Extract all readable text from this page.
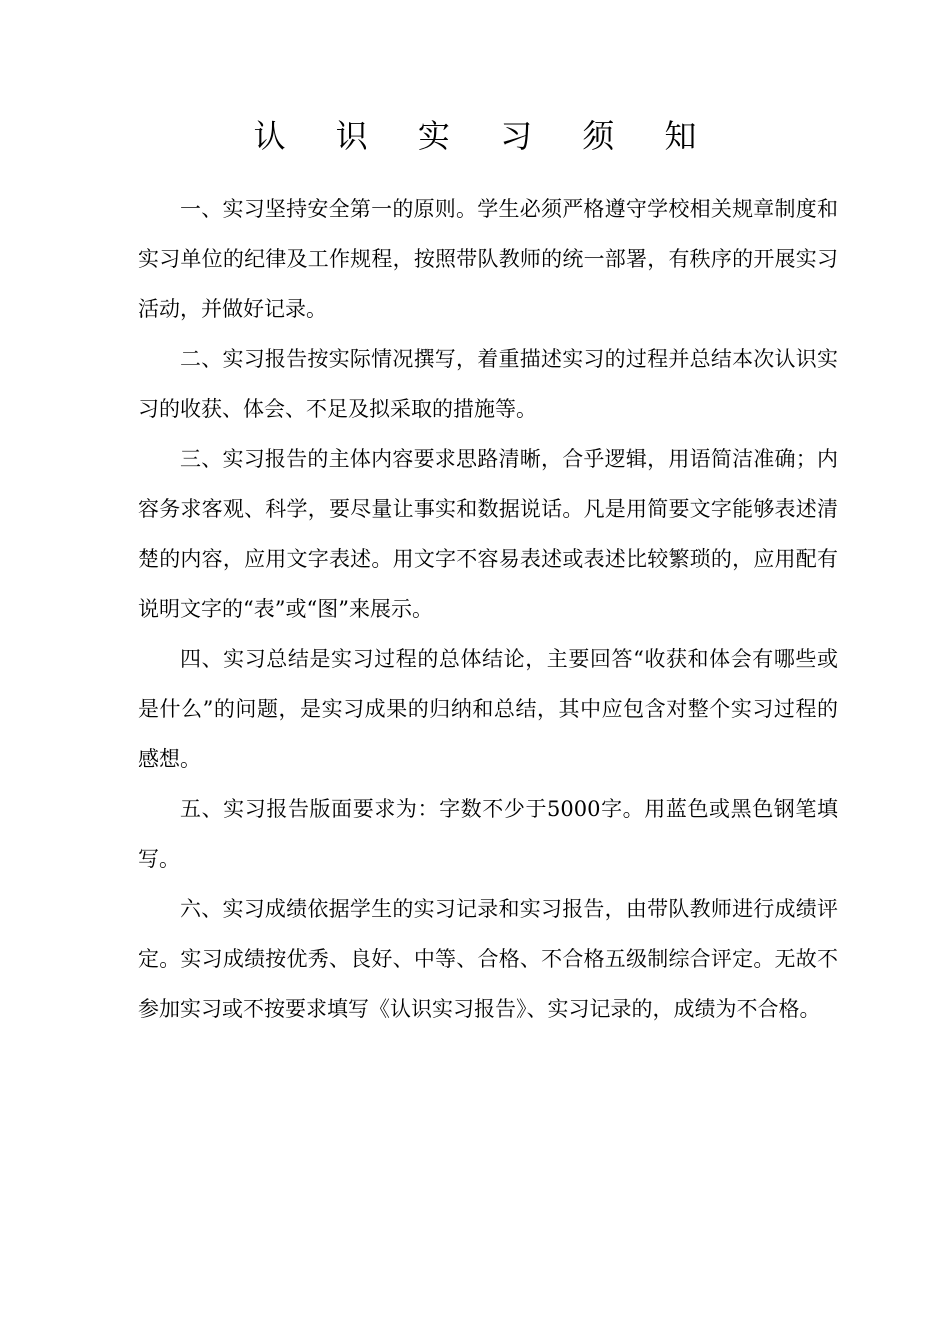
认 识 实 习 须 知

一、实习坚持安全第一的原则。学生必须严格遵守学校相关规章制度和实习单位的纪律及工作规程，按照带队教师的统一部署，有秩序的开展实习活动，并做好记录。

二、实习报告按实际情况撰写，着重描述实习的过程并总结本次认识实习的收获、体会、不足及拟采取的措施等。

三、实习报告的主体内容要求思路清晰，合乎逻辑，用语简洁准确；内容务求客观、科学，要尽量让事实和数据说话。凡是用简要文字能够表述清楚的内容，应用文字表述。用文字不容易表述或表述比较繁琐的，应用配有说明文字的“表”或“图”来展示。

四、实习总结是实习过程的总体结论，主要回答“收获和体会有哪些或是什么”的问题，是实习成果的归纳和总结，其中应包含对整个实习过程的感想。

五、实习报告版面要求为：字数不少于5000字。用蓝色或黑色钢笔填写。

六、实习成绩依据学生的实习记录和实习报告，由带队教师进行成绩评定。实习成绩按优秀、良好、中等、合格、不合格五级制综合评定。无故不参加实习或不按要求填写《认识实习报告》、实习记录的，成绩为不合格。
